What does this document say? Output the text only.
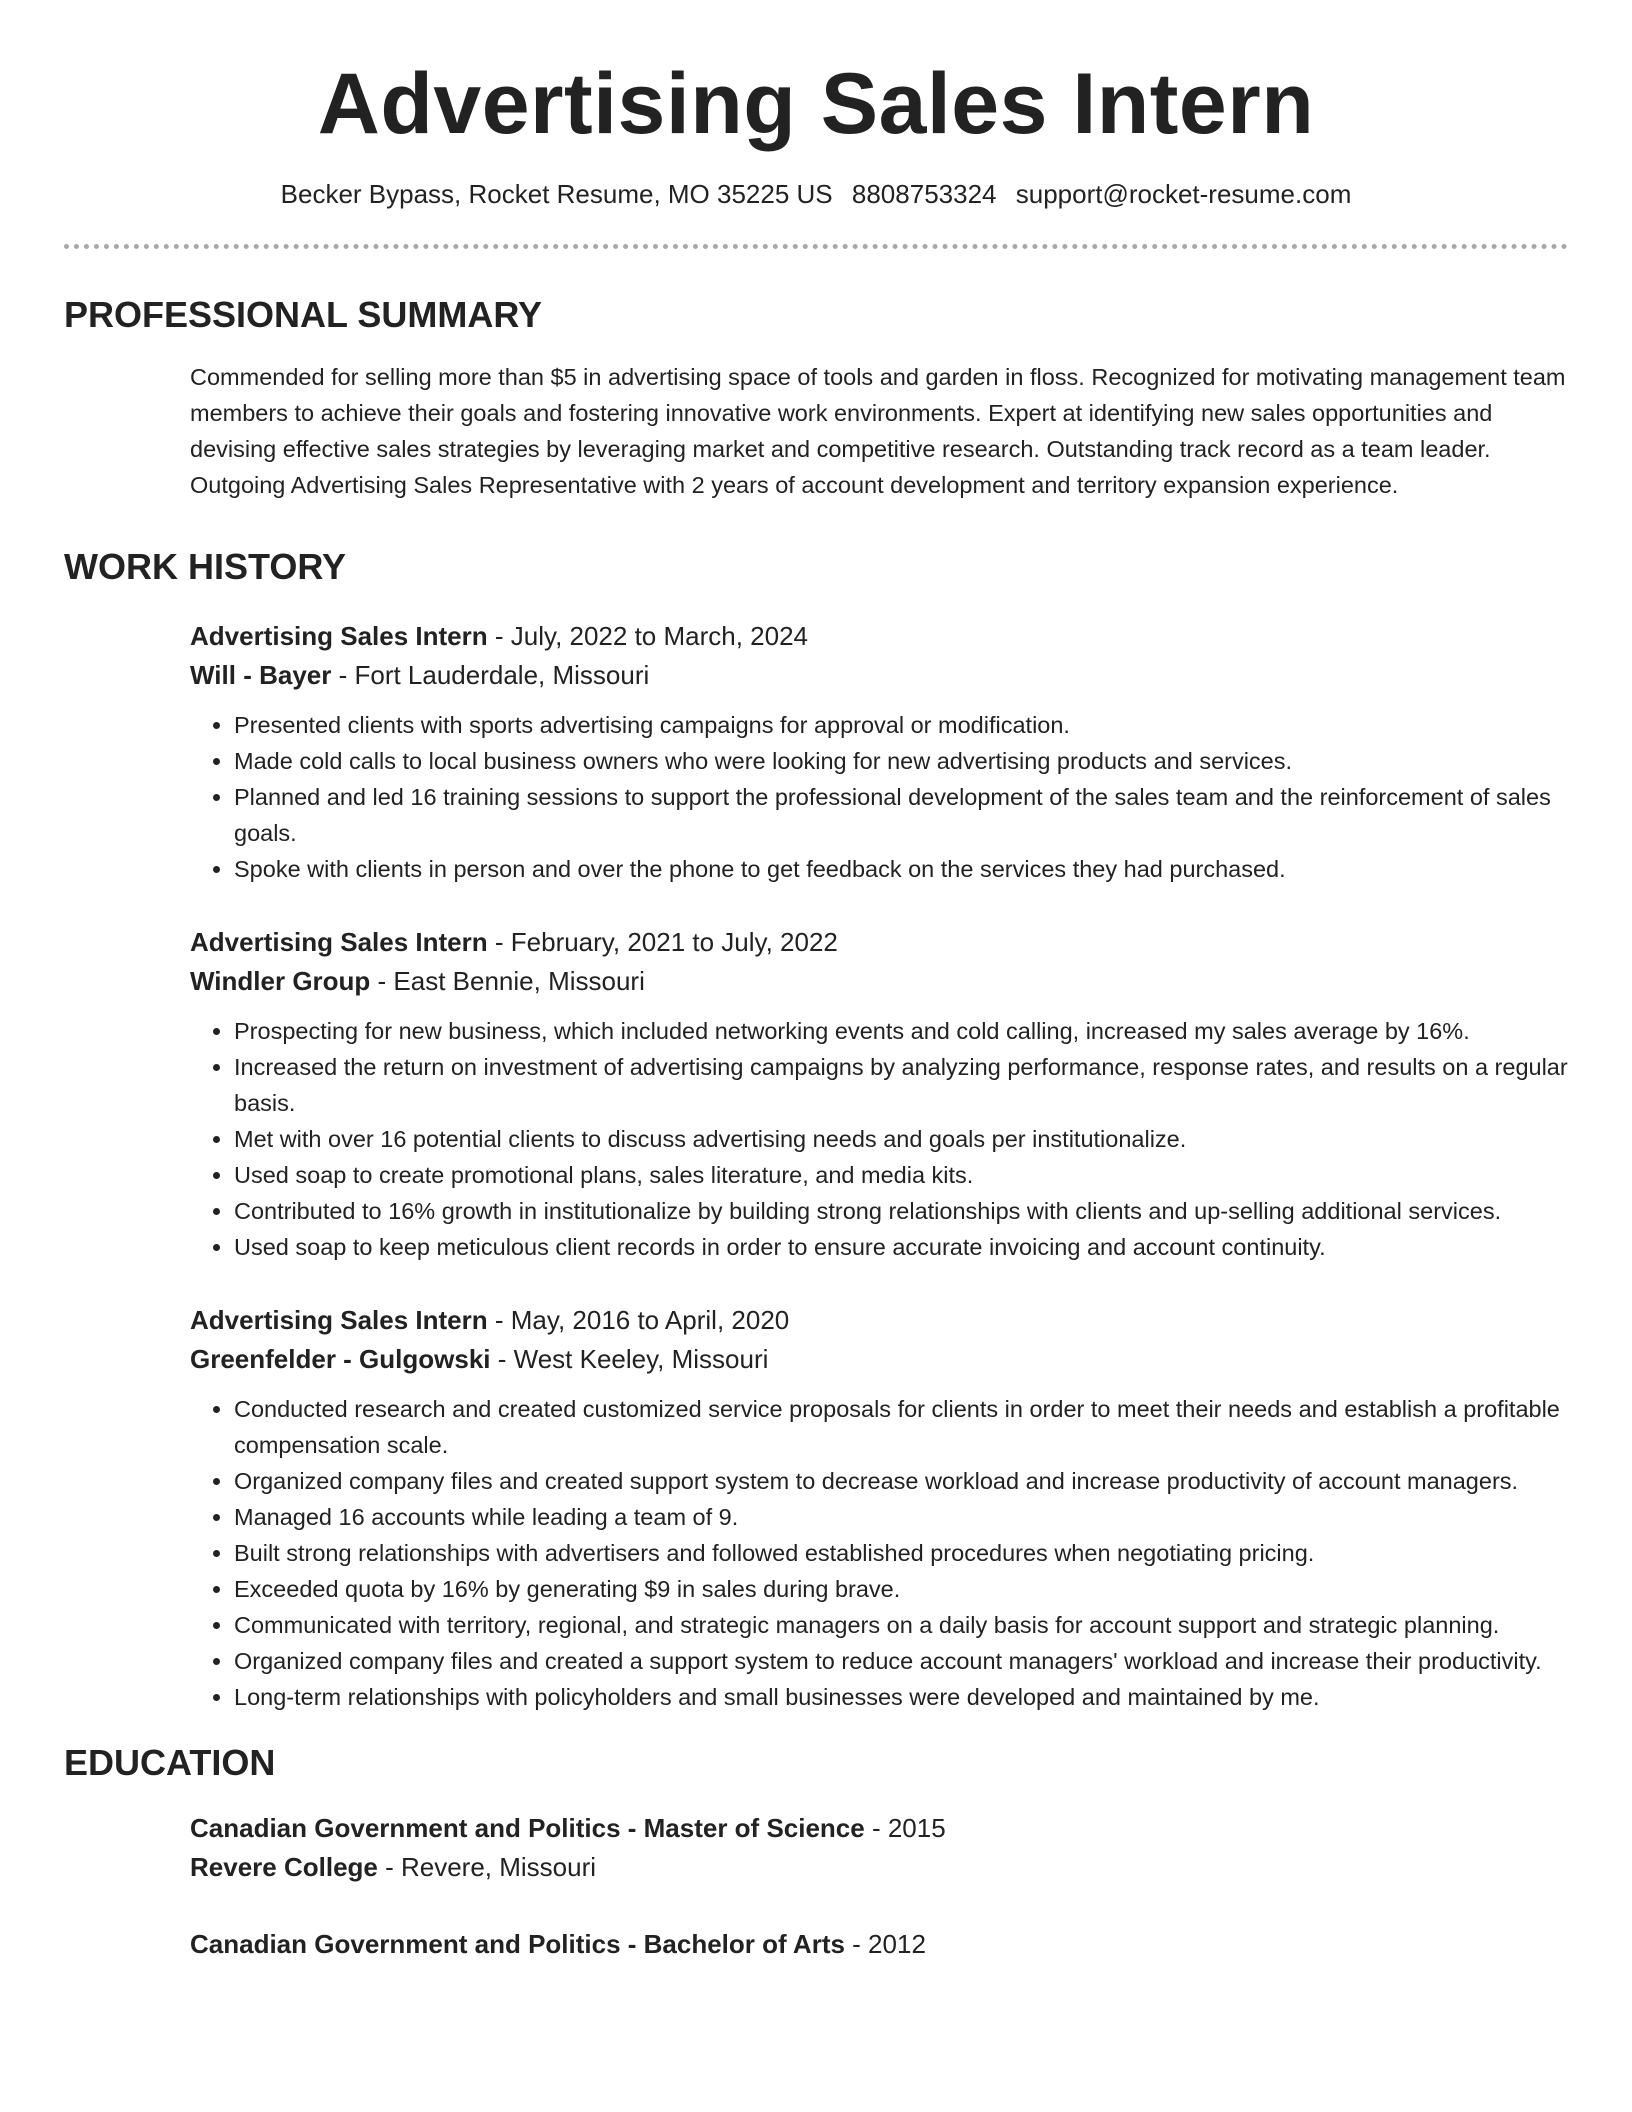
Advertising Sales Intern
Becker Bypass, Rocket Resume, MO 35225 US 8808753324 support@rocket-resume.com
PROFESSIONAL SUMMARY

Commended for selling more than $5 in advertising space of tools and garden in floss. Recognized for motivating management team members to achieve their goals and fostering innovative work environments. Expert at identifying new sales opportunities and devising effective sales strategies by leveraging market and competitive research. Outstanding track record as a team leader. Outgoing Advertising Sales Representative with 2 years of account development and territory expansion experience.

WORK HISTORY
Advertising Sales Intern - July, 2022 to March, 2024
Will - Bayer - Fort Lauderdale, Missouri
• Presented clients with sports advertising campaigns for approval or modification.
• Made cold calls to local business owners who were looking for new advertising products and services.
• Planned and led 16 training sessions to support the professional development of the sales team and the reinforcement of sales goals.
• Spoke with clients in person and over the phone to get feedback on the services they had purchased.
Advertising Sales Intern - February, 2021 to July, 2022
Windler Group - East Bennie, Missouri
• Prospecting for new business, which included networking events and cold calling, increased my sales average by 16%.
• Increased the return on investment of advertising campaigns by analyzing performance, response rates, and results on a regular basis.
• Met with over 16 potential clients to discuss advertising needs and goals per institutionalize.
• Used soap to create promotional plans, sales literature, and media kits.
• Contributed to 16% growth in institutionalize by building strong relationships with clients and up-selling additional services.
• Used soap to keep meticulous client records in order to ensure accurate invoicing and account continuity.
Advertising Sales Intern - May, 2016 to April, 2020
Greenfelder - Gulgowski - West Keeley, Missouri
• Conducted research and created customized service proposals for clients in order to meet their needs and establish a profitable compensation scale.
• Organized company files and created support system to decrease workload and increase productivity of account managers.
• Managed 16 accounts while leading a team of 9.
• Built strong relationships with advertisers and followed established procedures when negotiating pricing.
• Exceeded quota by 16% by generating $9 in sales during brave.
• Communicated with territory, regional, and strategic managers on a daily basis for account support and strategic planning.
• Organized company files and created a support system to reduce account managers' workload and increase their productivity.
• Long-term relationships with policyholders and small businesses were developed and maintained by me.
EDUCATION
Canadian Government and Politics - Master of Science - 2015
Revere College - Revere, Missouri
Canadian Government and Politics - Bachelor of Arts - 2012
